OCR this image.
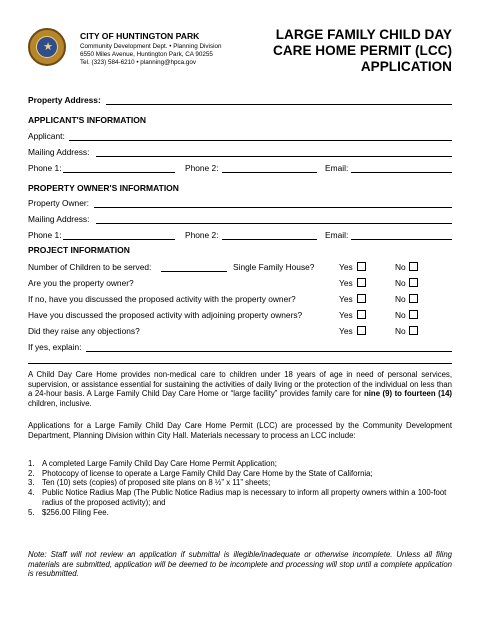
★
CITY OF HUNTINGTON PARK
Community Development Dept. • Planning Division
6550 Miles Avenue, Huntington Park, CA 90255
Tel. (323) 584-6210 • planning@hpca.gov
LARGE FAMILY CHILD DAY
CARE HOME PERMIT (LCC)
APPLICATION
Property Address:
APPLICANT'S INFORMATION
Applicant:
Mailing Address:
Phone 1:	Phone 2:	Email:
PROPERTY OWNER'S INFORMATION
Property Owner:
Mailing Address:
Phone 1:	Phone 2:	Email:
PROJECT INFORMATION
Number of Children to be served:	Single Family House?	Yes	No
Are you the property owner?	Yes	No
If no, have you discussed the proposed activity with the property owner?	Yes	No
Have you discussed the proposed activity with adjoining property owners?	Yes	No
Did they raise any objections?	Yes	No
If yes, explain:
A Child Day Care Home provides non-medical care to children under 18 years of age in need of personal services, supervision, or assistance essential for sustaining the activities of daily living or the protection of the individual on less than a 24-hour basis. A Large Family Child Day Care Home or “large facility” provides family care for nine (9) to fourteen (14) children, inclusive.
Applications for a Large Family Child Day Care Home Permit (LCC) are processed by the Community Development Department, Planning Division within City Hall. Materials necessary to process an LCC include:
1. A completed Large Family Child Day Care Home Permit Application;
2. Photocopy of license to operate a Large Family Child Day Care Home by the State of California;
3. Ten (10) sets (copies) of proposed site plans on 8 ½” x 11” sheets;
4. Public Notice Radius Map (The Public Notice Radius map is necessary to inform all property owners within a 100-foot radius of the proposed activity); and
5. $256.00 Filing Fee.
Note: Staff will not review an application if submittal is illegible/inadequate or otherwise incomplete. Unless all filing materials are submitted, application will be deemed to be incomplete and processing will stop until a complete application is resubmitted.
